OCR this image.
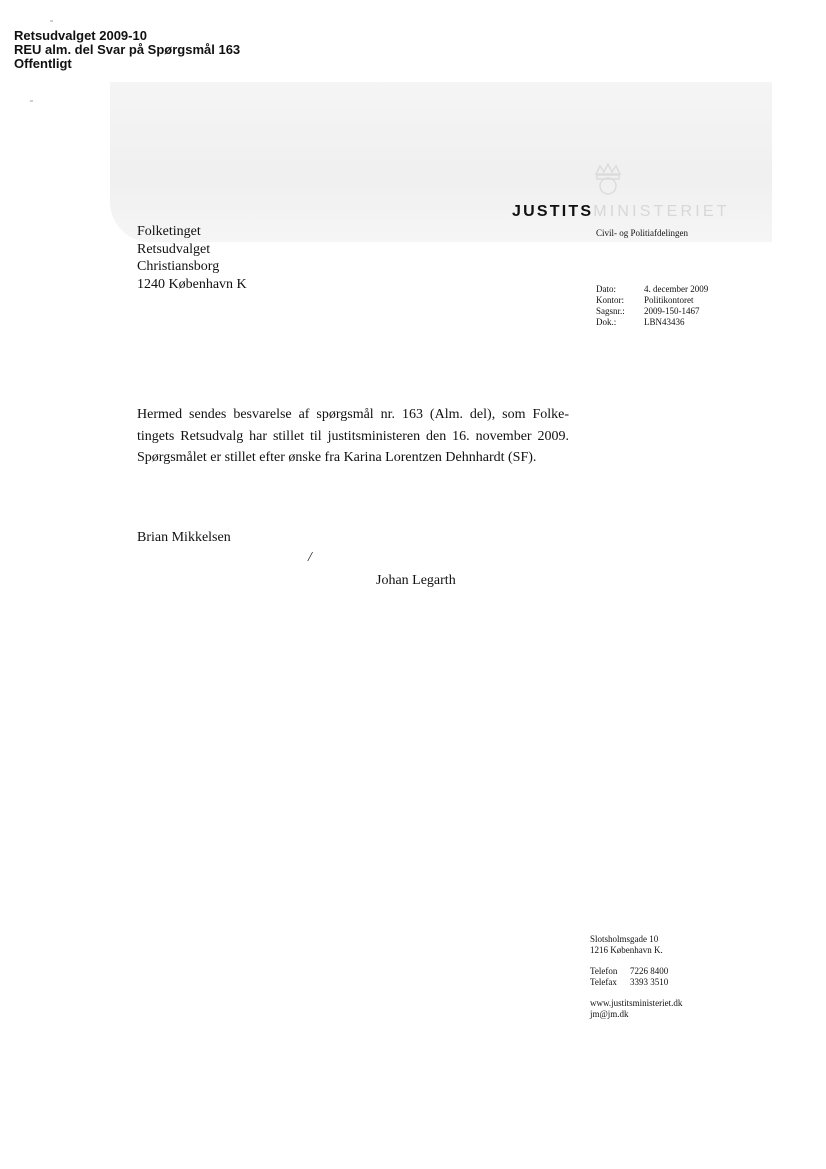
Retsudvalget 2009-10
REU alm. del Svar på Spørgsmål 163
Offentligt
JUSTITSMINISTERIET
Civil- og Politiafdelingen
Folketinget
Retsudvalget
Christiansborg
1240 København K	Dato:	4. december 2009
Kontor:	Politikontoret
Sagsnr.:	2009-150-1467
Dok.:	LBN43436
Hermed sendes besvarelse af spørgsmål nr. 163 (Alm. del), som Folke-
tingets Retsudvalg har stillet til justitsministeren den 16. november 2009.
Spørgsmålet er stillet efter ønske fra Karina Lorentzen Dehnhardt (SF).
Brian Mikkelsen
/
Johan Legarth
Slotsholmsgade 10
1216 København K.
Telefon 7226 8400
Telefax 3393 3510
www.justitsministeriet.dk
jm@jm.dk
